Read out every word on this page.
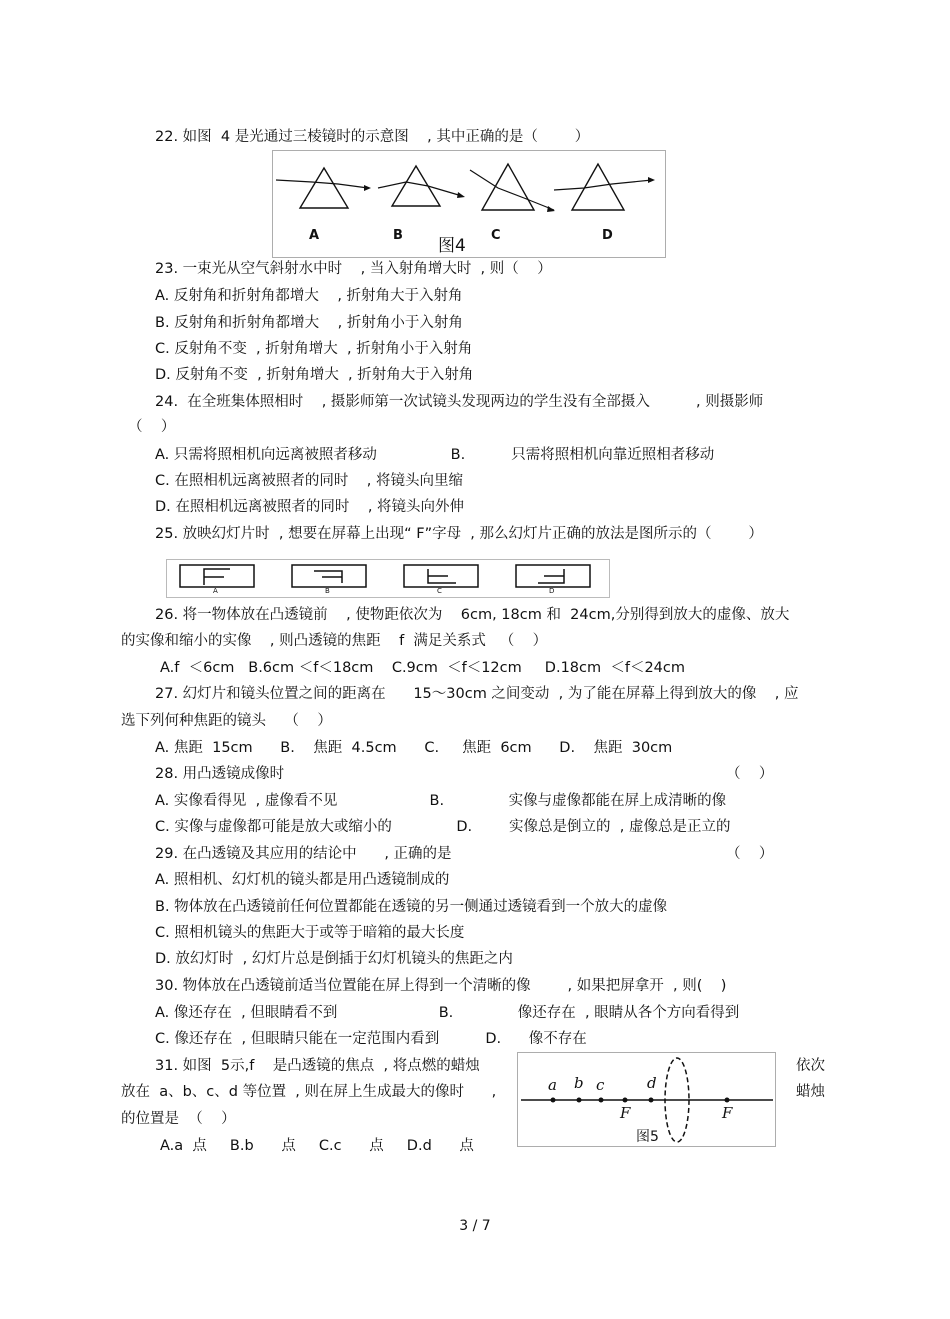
22. 如图  4 是光通过三棱镜时的示意图    , 其中正确的是（        ）
A	B
图4
C	D
23. 一束光从空气斜射水中时    , 当入射角增大时  , 则（    ）
A. 反射角和折射角都增大    , 折射角大于入射角
B. 反射角和折射角都增大    , 折射角小于入射角
C. 反射角不变  , 折射角增大  , 折射角小于入射角
D. 反射角不变  , 折射角增大  , 折射角大于入射角
24.  在全班集体照相时    , 摄影师第一次试镜头发现两边的学生没有全部摄入          , 则摄影师
（    ）
A. 只需将照相机向远离被照者移动                B.          只需将照相机向靠近照相者移动
C. 在照相机远离被照者的同时    , 将镜头向里缩
D. 在照相机远离被照者的同时    , 将镜头向外伸
25. 放映幻灯片时  , 想要在屏幕上出现“ F”字母  , 那么幻灯片正确的放法是图所示的（        ）
A	B	C	D
26. 将一物体放在凸透镜前    , 使物距依次为    6cm, 18cm 和  24cm,分别得到放大的虚像、放大
的实像和缩小的实像    , 则凸透镜的焦距    f  满足关系式   （    ）
A.f  ＜6cm   B.6cm ＜f＜18cm    C.9cm  ＜f＜12cm     D.18cm  ＜f＜24cm
27. 幻灯片和镜头位置之间的距离在      15～30cm 之间变动  , 为了能在屏幕上得到放大的像    , 应
选下列何种焦距的镜头    （    ）
A. 焦距  15cm      B.    焦距  4.5cm      C.     焦距  6cm      D.    焦距  30cm
28. 用凸透镜成像时	（    ）
A. 实像看得见  , 虚像看不见                    B.              实像与虚像都能在屏上成清晰的像
C. 实像与虚像都可能是放大或缩小的              D.        实像总是倒立的  , 虚像总是正立的
29. 在凸透镜及其应用的结论中      , 正确的是	（    ）
A. 照相机、幻灯机的镜头都是用凸透镜制成的
B. 物体放在凸透镜前任何位置都能在透镜的另一侧通过透镜看到一个放大的虚像
C. 照相机镜头的焦距大于或等于暗箱的最大长度
D. 放幻灯时  , 幻灯片总是倒插于幻灯机镜头的焦距之内
30. 物体放在凸透镜前适当位置能在屏上得到一个清晰的像        , 如果把屏拿开  , 则(    )
A. 像还存在  , 但眼睛看不到                      B.              像还存在  , 眼睛从各个方向看得到
C. 像还存在  , 但眼睛只能在一定范围内看到          D.      像不存在
31. 如图  5示,f    是凸透镜的焦点  , 将点燃的蜡烛	依次
放在  a、b、c、d 等位置  , 则在屏上生成最大的像时      ,	蜡烛
的位置是  （    ）
A.a  点     B.b      点     C.c      点     D.d      点
a b c	d
F	F
图5
3 / 7
